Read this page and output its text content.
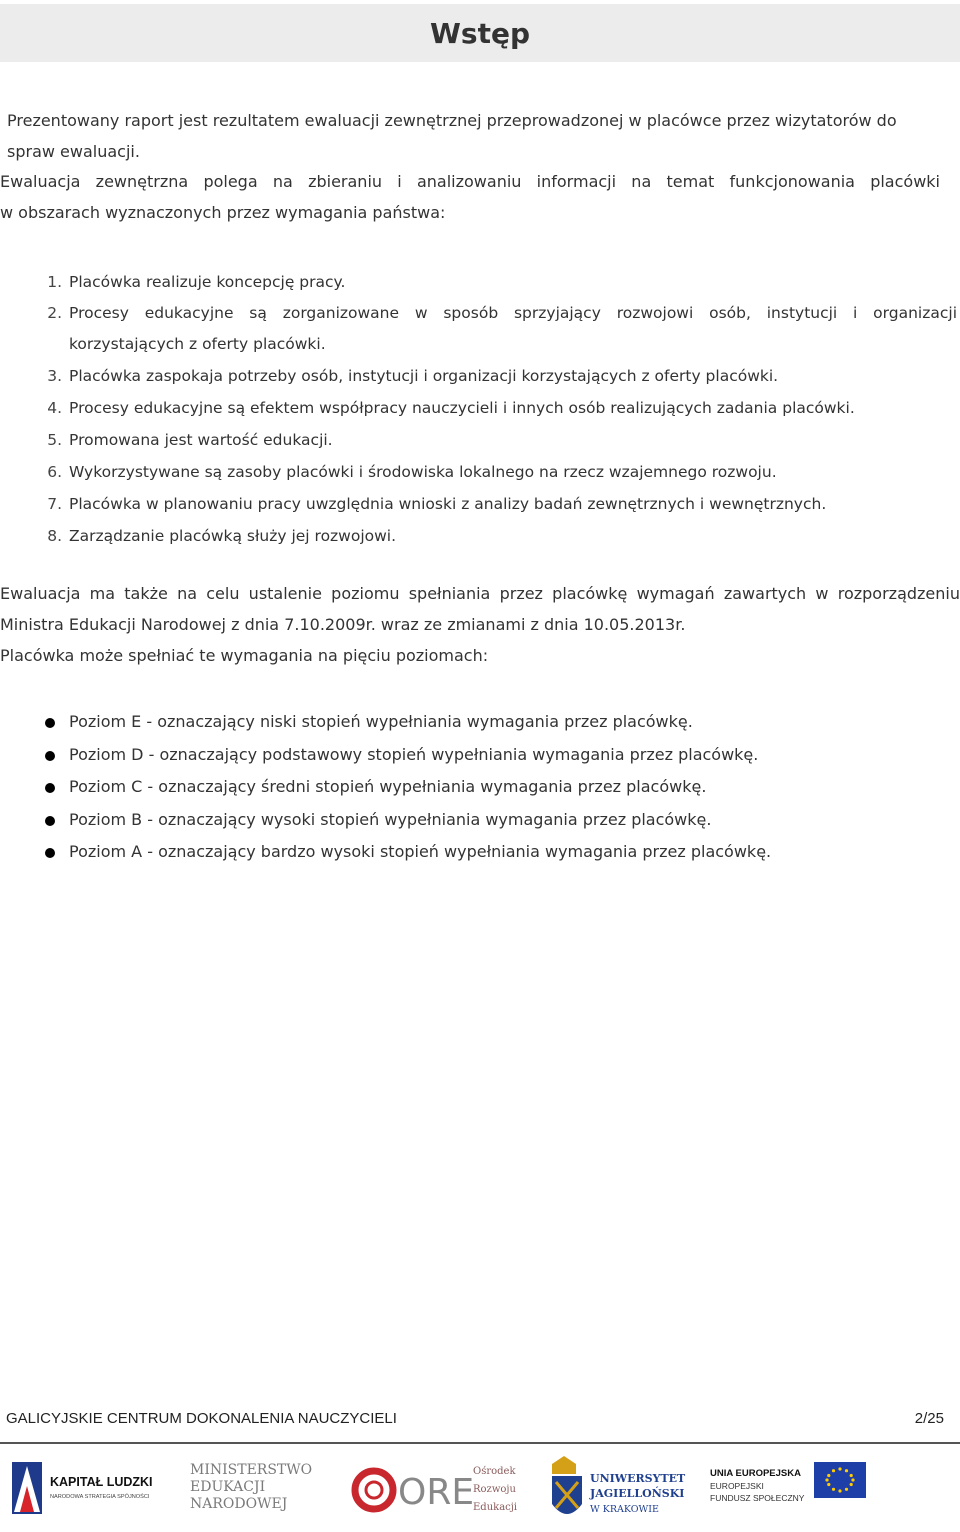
Wstęp

Prezentowany raport jest rezultatem ewaluacji zewnętrznej przeprowadzonej w placówce przez wizytatorów do spraw ewaluacji.

Ewaluacja zewnętrzna polega na zbieraniu i analizowaniu informacji na temat funkcjonowania placówki

w obszarach wyznaczonych przez wymagania państwa:

1. Placówka realizuje koncepcję pracy.
2. Procesy edukacyjne są zorganizowane w sposób sprzyjający rozwojowi osób, instytucji i organizacji
korzystających z oferty placówki.
3. Placówka zaspokaja potrzeby osób, instytucji i organizacji korzystających z oferty placówki.
4. Procesy edukacyjne są efektem współpracy nauczycieli i innych osób realizujących zadania placówki.
5. Promowana jest wartość edukacji.
6. Wykorzystywane są zasoby placówki i środowiska lokalnego na rzecz wzajemnego rozwoju.
7. Placówka w planowaniu pracy uwzględnia wnioski z analizy badań zewnętrznych i wewnętrznych.
8. Zarządzanie placówką służy jej rozwojowi.

Ewaluacja ma także na celu ustalenie poziomu spełniania przez placówkę wymagań zawartych w rozporządzeniu

Ministra Edukacji Narodowej z dnia 7.10.2009r. wraz ze zmianami z dnia 10.05.2013r.

Placówka może spełniać te wymagania na pięciu poziomach:

Poziom E - oznaczający niski stopień wypełniania wymagania przez placówkę.
Poziom D - oznaczający podstawowy stopień wypełniania wymagania przez placówkę.
Poziom C - oznaczający średni stopień wypełniania wymagania przez placówkę.
Poziom B - oznaczający wysoki stopień wypełniania wymagania przez placówkę.
Poziom A - oznaczający bardzo wysoki stopień wypełniania wymagania przez placówkę.
GALICYJSKIE CENTRUM DOKONALENIA NAUCZYCIELI	2/25
KAPITAŁ LUDZKI
NARODOWA STRATEGIA SPÓJNOŚCI
MINISTERSTWO
EDUKACJI
NARODOWEJ	ORE
Ośrodek
Rozwoju
Edukacji
UNIWERSYTET
JAGIELLOŃSKI
W KRAKOWIE
UNIA EUROPEJSKA
EUROPEJSKI
FUNDUSZ SPOŁECZNY
